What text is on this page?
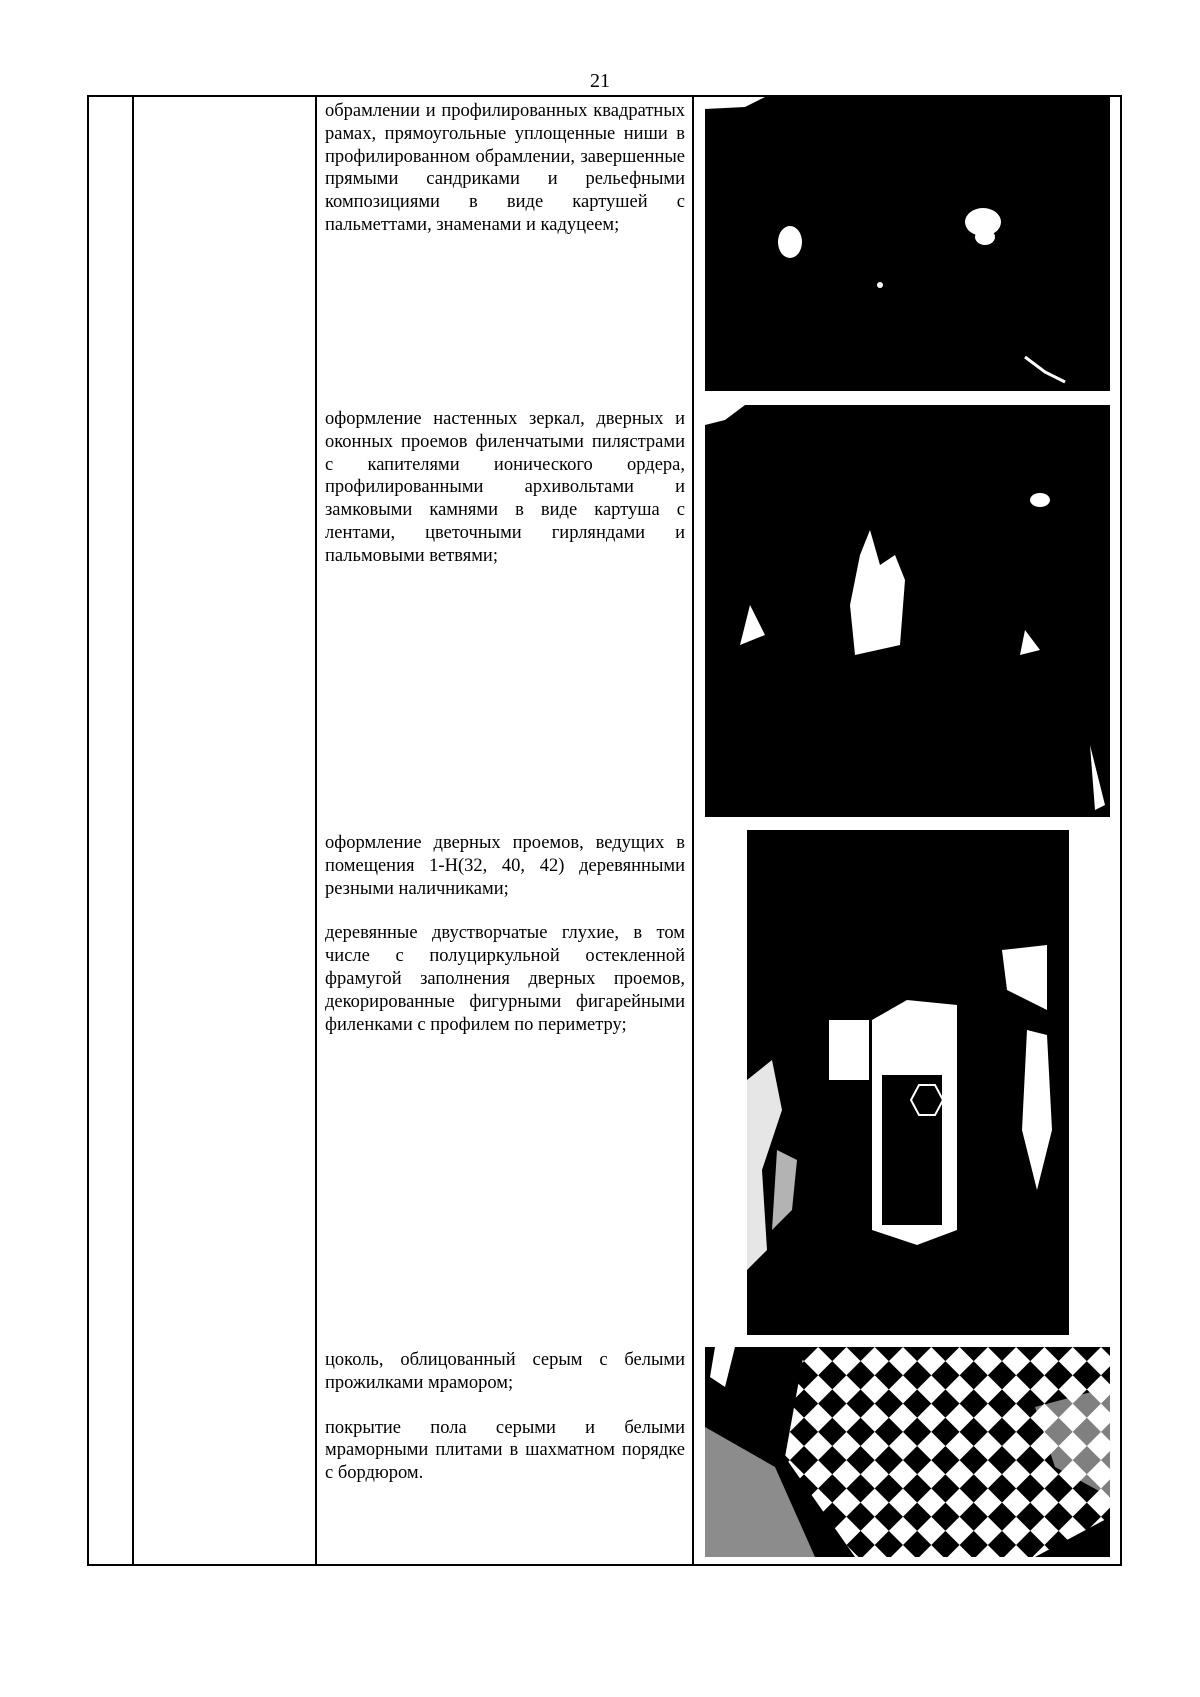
21

обрамлении и профилированных квадратных рамах, прямоугольные уплощенные ниши в профилированном обрамлении, завершенные прямыми сандриками и рельефными композициями в виде картушей с пальметтами, знаменами и кадуцеем;

оформление настенных зеркал, дверных и оконных проемов филенчатыми пилястрами с капителями ионического ордера, профилированными архивольтами и замковыми камнями в виде картуша с лентами, цветочными гирляндами и пальмовыми ветвями;

оформление дверных проемов, ведущих в помещения 1-Н(32, 40, 42) деревянными резными наличниками;

деревянные двустворчатые глухие, в том числе с полуциркульной остекленной фрамугой заполнения дверных проемов, декорированные фигурными фигарейными филенками с профилем по периметру;

цоколь, облицованный серым с белыми прожилками мрамором;

покрытие пола серыми и белыми мраморными плитами в шахматном порядке с бордюром.
